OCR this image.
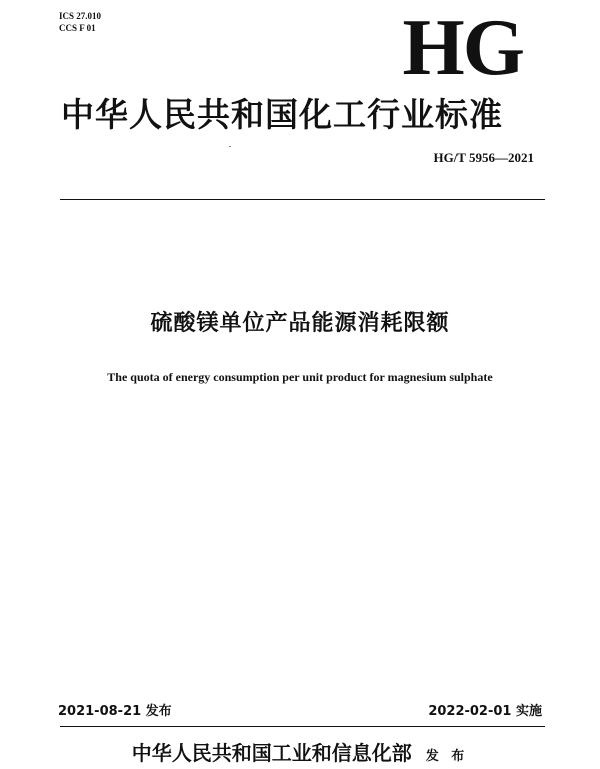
ICS 27.010
CCS F 01	HG
中华人民共和国化工行业标准
HG/T 5956—2021
硫酸镁单位产品能源消耗限额
The quota of energy consumption per unit product for magnesium sulphate
2021-08-21 发布	2022-02-01 实施
中华人民共和国工业和信息化部 发 布
